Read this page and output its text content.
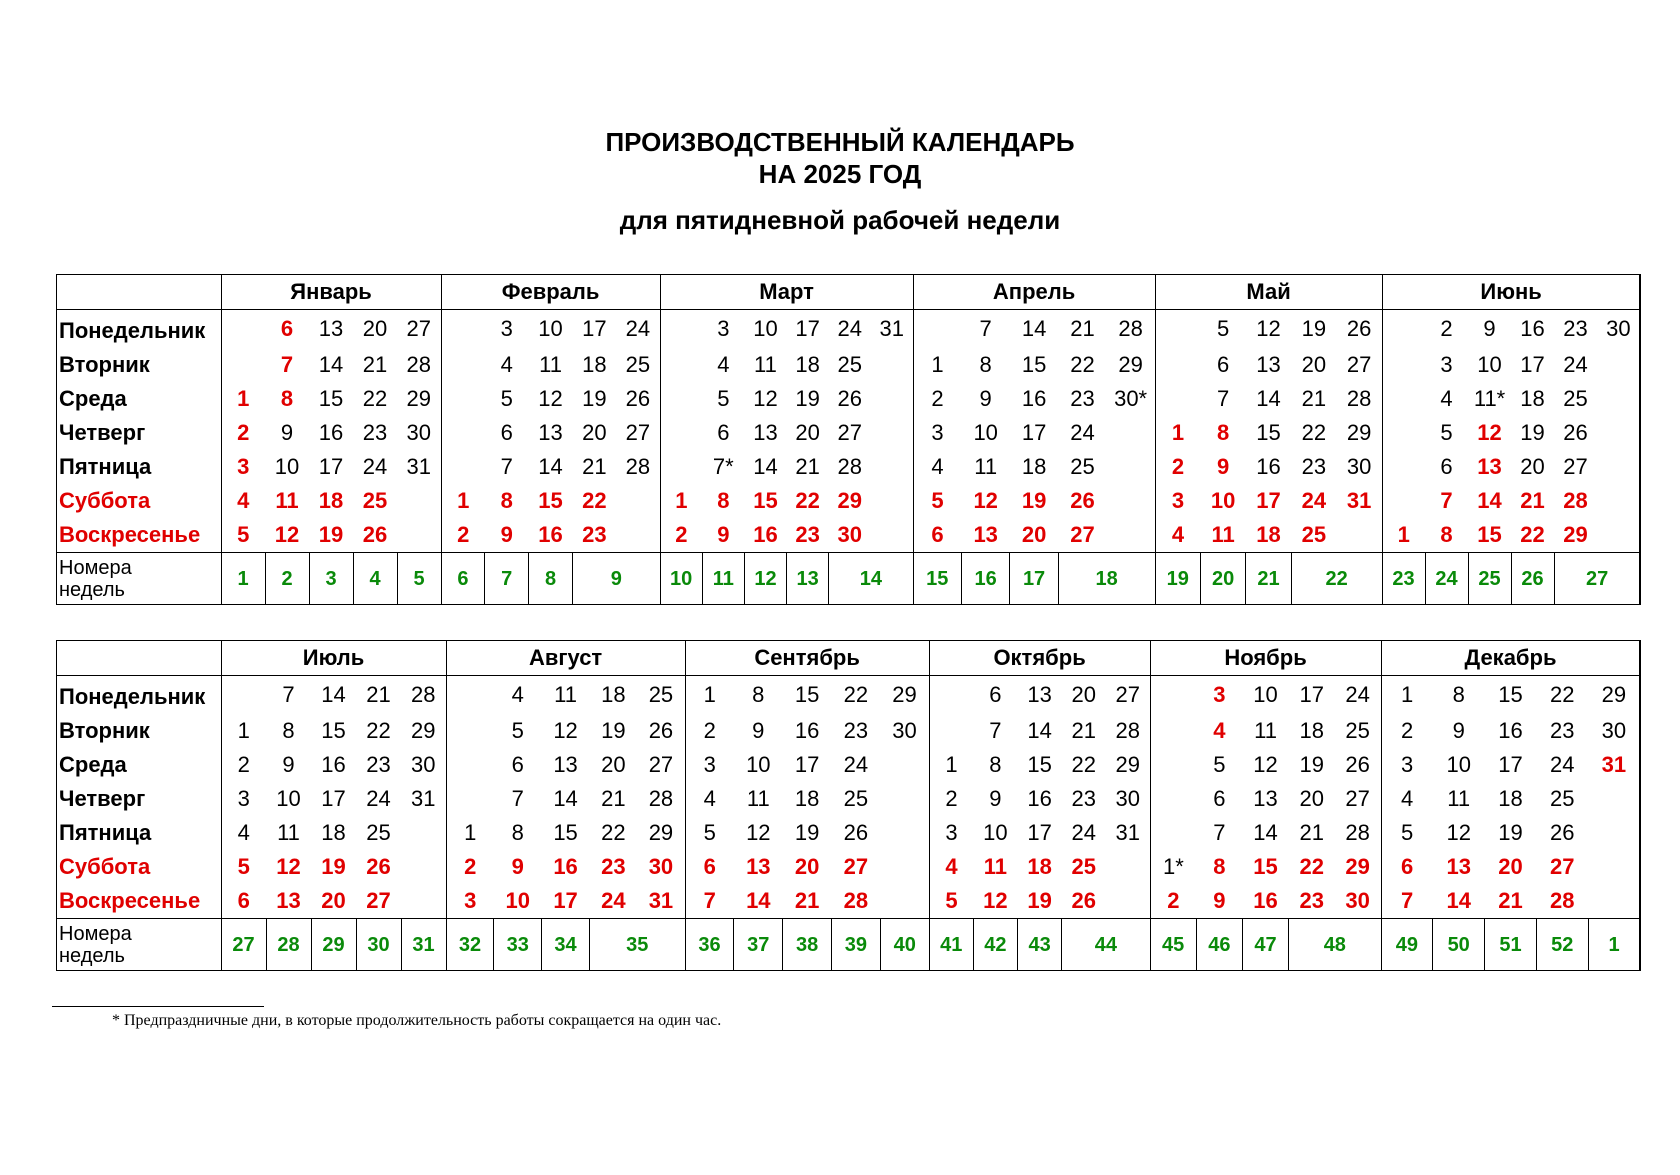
ПРОИЗВОДСТВЕННЫЙ КАЛЕНДАРЬ
НА 2025 ГОД
для пятидневной рабочей недели
	Январь					Февраль					Март						Апрель					Май					Июнь					
Понедельник		6	13	20	27		3	10	17	24		3	10	17	24	31		7	14	21	28		5	12	19	26		2	9	16	23	30
Вторник		7	14	21	28		4	11	18	25		4	11	18	25		1	8	15	22	29		6	13	20	27		3	10	17	24	
Среда	1	8	15	22	29		5	12	19	26		5	12	19	26		2	9	16	23	30*		7	14	21	28		4	11*	18	25	
Четверг	2	9	16	23	30		6	13	20	27		6	13	20	27		3	10	17	24		1	8	15	22	29		5	12	19	26	
Пятница	3	10	17	24	31		7	14	21	28		7*	14	21	28		4	11	18	25		2	9	16	23	30		6	13	20	27	
Суббота	4	11	18	25		1	8	15	22		1	8	15	22	29		5	12	19	26		3	10	17	24	31		7	14	21	28	
Воскресенье	5	12	19	26		2	9	16	23		2	9	16	23	30		6	13	20	27		4	11	18	25		1	8	15	22	29	
Номера
недель	1	2	3	4	5	6	7	8	9		10	11	12	13	14		15	16	17	18		19	20	21	22		23	24	25	26	27	
	Июль					Август					Сентябрь					Октябрь					Ноябрь					Декабрь				
Понедельник		7	14	21	28		4	11	18	25	1	8	15	22	29		6	13	20	27		3	10	17	24	1	8	15	22	29
Вторник	1	8	15	22	29		5	12	19	26	2	9	16	23	30		7	14	21	28		4	11	18	25	2	9	16	23	30
Среда	2	9	16	23	30		6	13	20	27	3	10	17	24		1	8	15	22	29		5	12	19	26	3	10	17	24	31
Четверг	3	10	17	24	31		7	14	21	28	4	11	18	25		2	9	16	23	30		6	13	20	27	4	11	18	25	
Пятница	4	11	18	25		1	8	15	22	29	5	12	19	26		3	10	17	24	31		7	14	21	28	5	12	19	26	
Суббота	5	12	19	26		2	9	16	23	30	6	13	20	27		4	11	18	25		1*	8	15	22	29	6	13	20	27	
Воскресенье	6	13	20	27		3	10	17	24	31	7	14	21	28		5	12	19	26		2	9	16	23	30	7	14	21	28	
Номера
недель	27	28	29	30	31	32	33	34	35		36	37	38	39	40	41	42	43	44		45	46	47	48		49	50	51	52	1
* Предпраздничные дни, в которые продолжительность работы сокращается на один час.
